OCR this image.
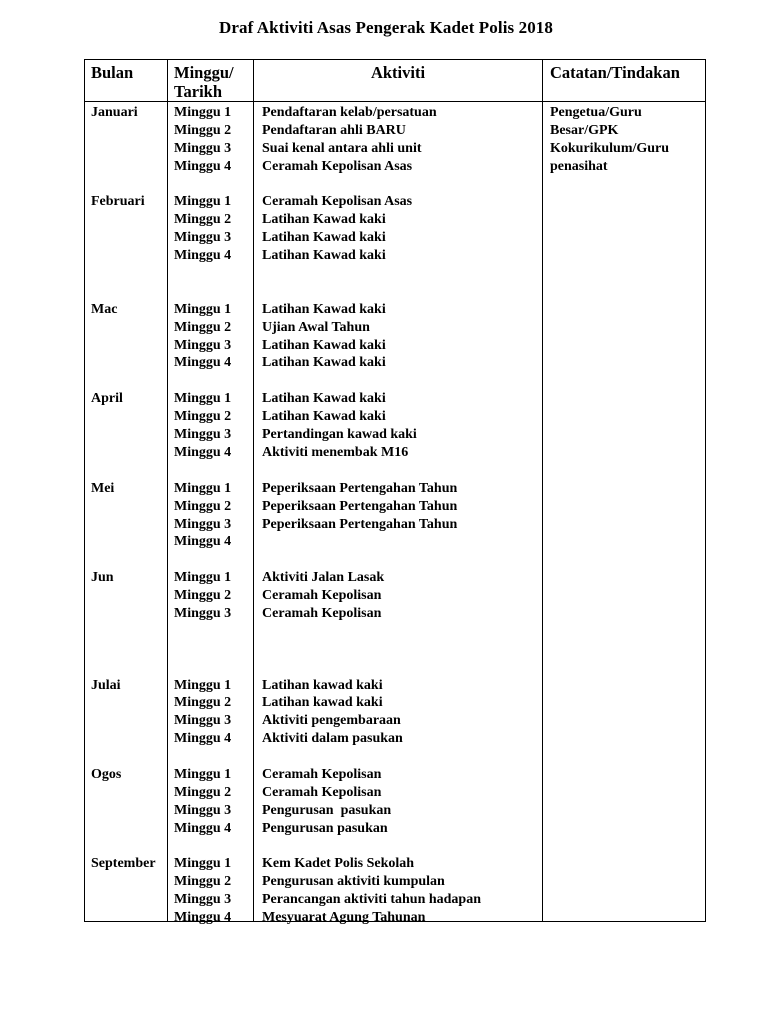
Draf Aktiviti Asas Pengerak Kadet Polis 2018
Bulan Minggu/
Tarikh
Aktiviti	Catatan/Tindakan
Januari
Februari
Mac
April
Mei
Jun
Julai
Ogos
September
Minggu 1
Minggu 2
Minggu 3
Minggu 4
Minggu 1
Minggu 2
Minggu 3
Minggu 4
Minggu 1
Minggu 2
Minggu 3
Minggu 4
Minggu 1
Minggu 2
Minggu 3
Minggu 4
Minggu 1
Minggu 2
Minggu 3
Minggu 4
Minggu 1
Minggu 2
Minggu 3
Minggu 1
Minggu 2
Minggu 3
Minggu 4
Minggu 1
Minggu 2
Minggu 3
Minggu 4
Minggu 1
Minggu 2
Minggu 3
Minggu 4
Pendaftaran kelab/persatuan
Pendaftaran ahli BARU
Suai kenal antara ahli unit
Ceramah Kepolisan Asas
Ceramah Kepolisan Asas
Latihan Kawad kaki
Latihan Kawad kaki
Latihan Kawad kaki
Latihan Kawad kaki
Ujian Awal Tahun
Latihan Kawad kaki
Latihan Kawad kaki
Latihan Kawad kaki
Latihan Kawad kaki
Pertandingan kawad kaki
Aktiviti menembak M16
Peperiksaan Pertengahan Tahun
Peperiksaan Pertengahan Tahun
Peperiksaan Pertengahan Tahun
Aktiviti Jalan Lasak
Ceramah Kepolisan
Ceramah Kepolisan
Latihan kawad kaki
Latihan kawad kaki
Aktiviti pengembaraan
Aktiviti dalam pasukan
Ceramah Kepolisan
Ceramah Kepolisan
Pengurusan  pasukan
Pengurusan pasukan
Kem Kadet Polis Sekolah
Pengurusan aktiviti kumpulan
Perancangan aktiviti tahun hadapan
Mesyuarat Agung Tahunan
Pengetua/Guru
Besar/GPK
Kokurikulum/Guru
penasihat
